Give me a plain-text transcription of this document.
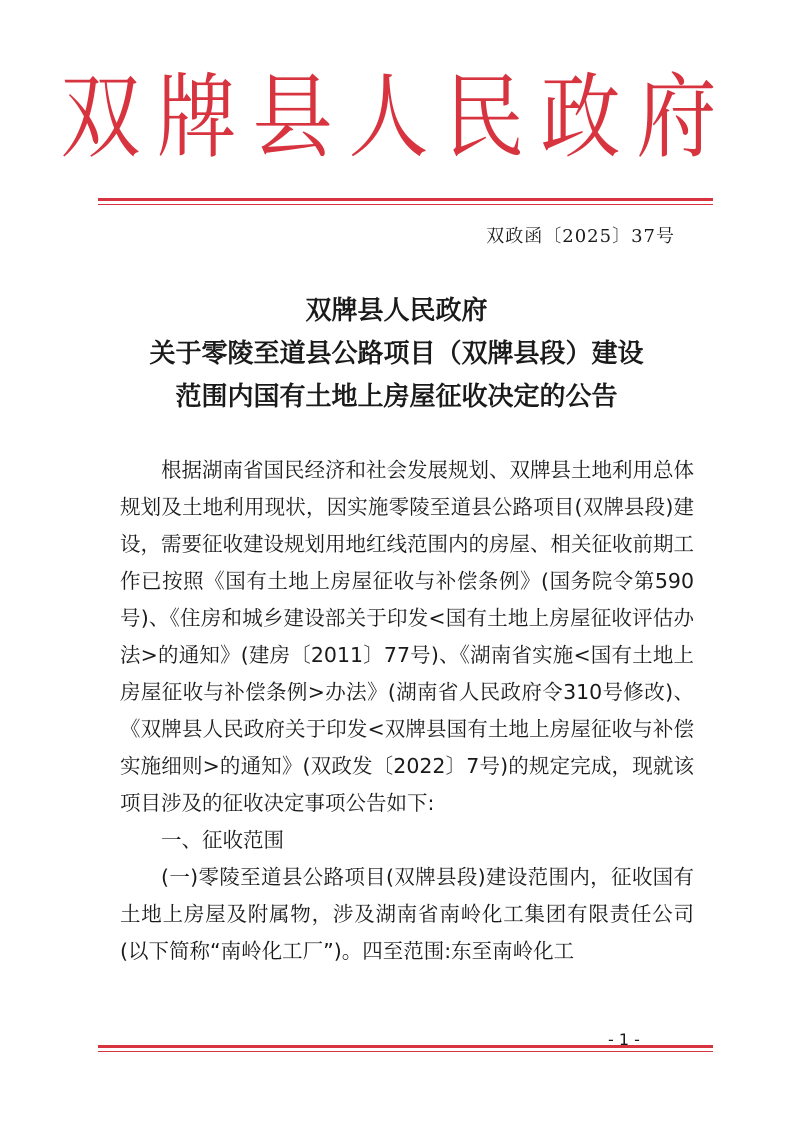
双牌县人民政府
双政函〔2025〕37号
双牌县人民政府
关于零陵至道县公路项目（双牌县段）建设
范围内国有土地上房屋征收决定的公告

根据湖南省国民经济和社会发展规划、双牌县土地利用总体规划及土地利用现状，因实施零陵至道县公路项目(双牌县段)建设，需要征收建设规划用地红线范围内的房屋、相关征收前期工作已按照《国有土地上房屋征收与补偿条例》(国务院令第590号)、《住房和城乡建设部关于印发<国有土地上房屋征收评估办法>的通知》(建房〔2011〕77号)、《湖南省实施<国有土地上房屋征收与补偿条例>办法》(湖南省人民政府令310号修改)、《双牌县人民政府关于印发<双牌县国有土地上房屋征收与补偿实施细则>的通知》(双政发〔2022〕7号)的规定完成，现就该项目涉及的征收决定事项公告如下:

一、征收范围

(一)零陵至道县公路项目(双牌县段)建设范围内，征收国有土地上房屋及附属物，涉及湖南省南岭化工集团有限责任公司(以下简称“南岭化工厂”)。四至范围:东至南岭化工

- 1 -
